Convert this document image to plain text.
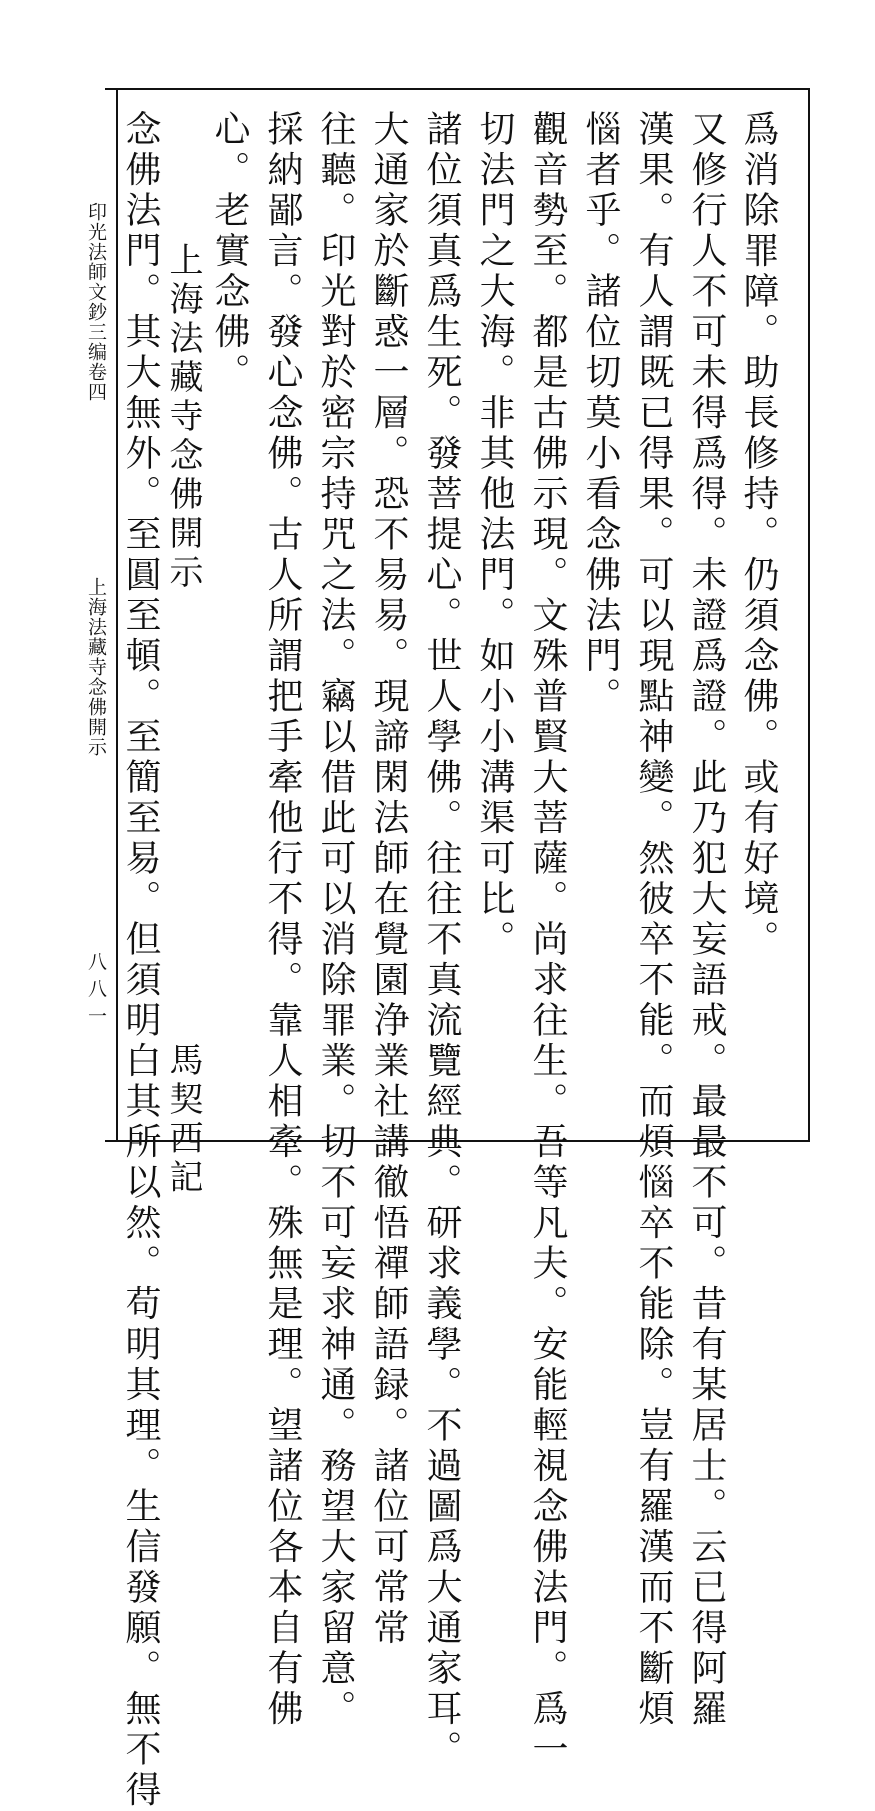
印光法師文鈔三编卷四
上海法藏寺念佛開示
八八一
爲消除罪障。助長修持。仍須念佛。或有好境。
又修行人不可未得爲得。未證爲證。此乃犯大妄語戒。最最不可。昔有某居士。云已得阿羅
漢果。有人謂既已得果。可以現點神變。然彼卒不能。而煩惱卒不能除。豈有羅漢而不斷煩
惱者乎。諸位切莫小看念佛法門。
觀音勢至。都是古佛示現。文殊普賢大菩薩。尚求往生。吾等凡夫。安能輕視念佛法門。爲一
切法門之大海。非其他法門。如小小溝渠可比。
諸位須真爲生死。發菩提心。世人學佛。往往不真流覽經典。研求義學。不過圖爲大通家耳。
大通家於斷惑一層。恐不易易。現諦閑法師在覺園浄業社講徹悟禪師語録。諸位可常常
往聽。印光對於密宗持咒之法。竊以借此可以消除罪業。切不可妄求神通。務望大家留意。
採納鄙言。發心念佛。古人所謂把手牽他行不得。靠人相牽。殊無是理。望諸位各本自有佛
心。老實念佛。
上海法藏寺念佛開示
馬契西記
念佛法門。其大無外。至圓至頓。至簡至易。但須明白其所以然。苟明其理。生信發願。無不得
